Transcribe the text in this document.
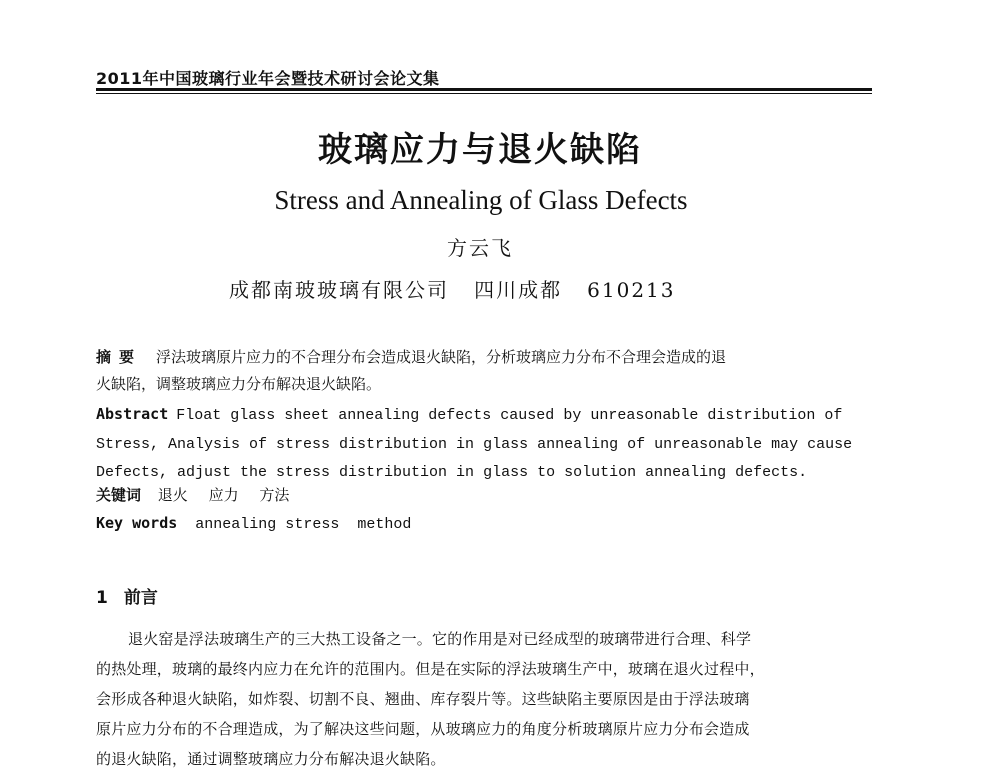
2011年中国玻璃行业年会暨技术研讨会论文集
玻璃应力与退火缺陷
Stress and Annealing of Glass Defects
方云飞
成都南玻玻璃有限公司   四川成都   610213
摘要 浮法玻璃原片应力的不合理分布会造成退火缺陷，分析玻璃应力分布不合理会造成的退
火缺陷，调整玻璃应力分布解决退火缺陷。
Abstract Float glass sheet annealing defects caused by unreasonable distribution of
Stress, Analysis of stress distribution in glass annealing of unreasonable may cause
Defects, adjust the stress distribution in glass to solution annealing defects.
关键词 退火 应力 方法
Key words annealing stress  method
1 前言
退火窑是浮法玻璃生产的三大热工设备之一。它的作用是对已经成型的玻璃带进行合理、科学
的热处理，玻璃的最终内应力在允许的范围内。但是在实际的浮法玻璃生产中，玻璃在退火过程中，
会形成各种退火缺陷，如炸裂、切割不良、翘曲、库存裂片等。这些缺陷主要原因是由于浮法玻璃
原片应力分布的不合理造成，为了解决这些问题，从玻璃应力的角度分析玻璃原片应力分布会造成
的退火缺陷，通过调整玻璃应力分布解决退火缺陷。
